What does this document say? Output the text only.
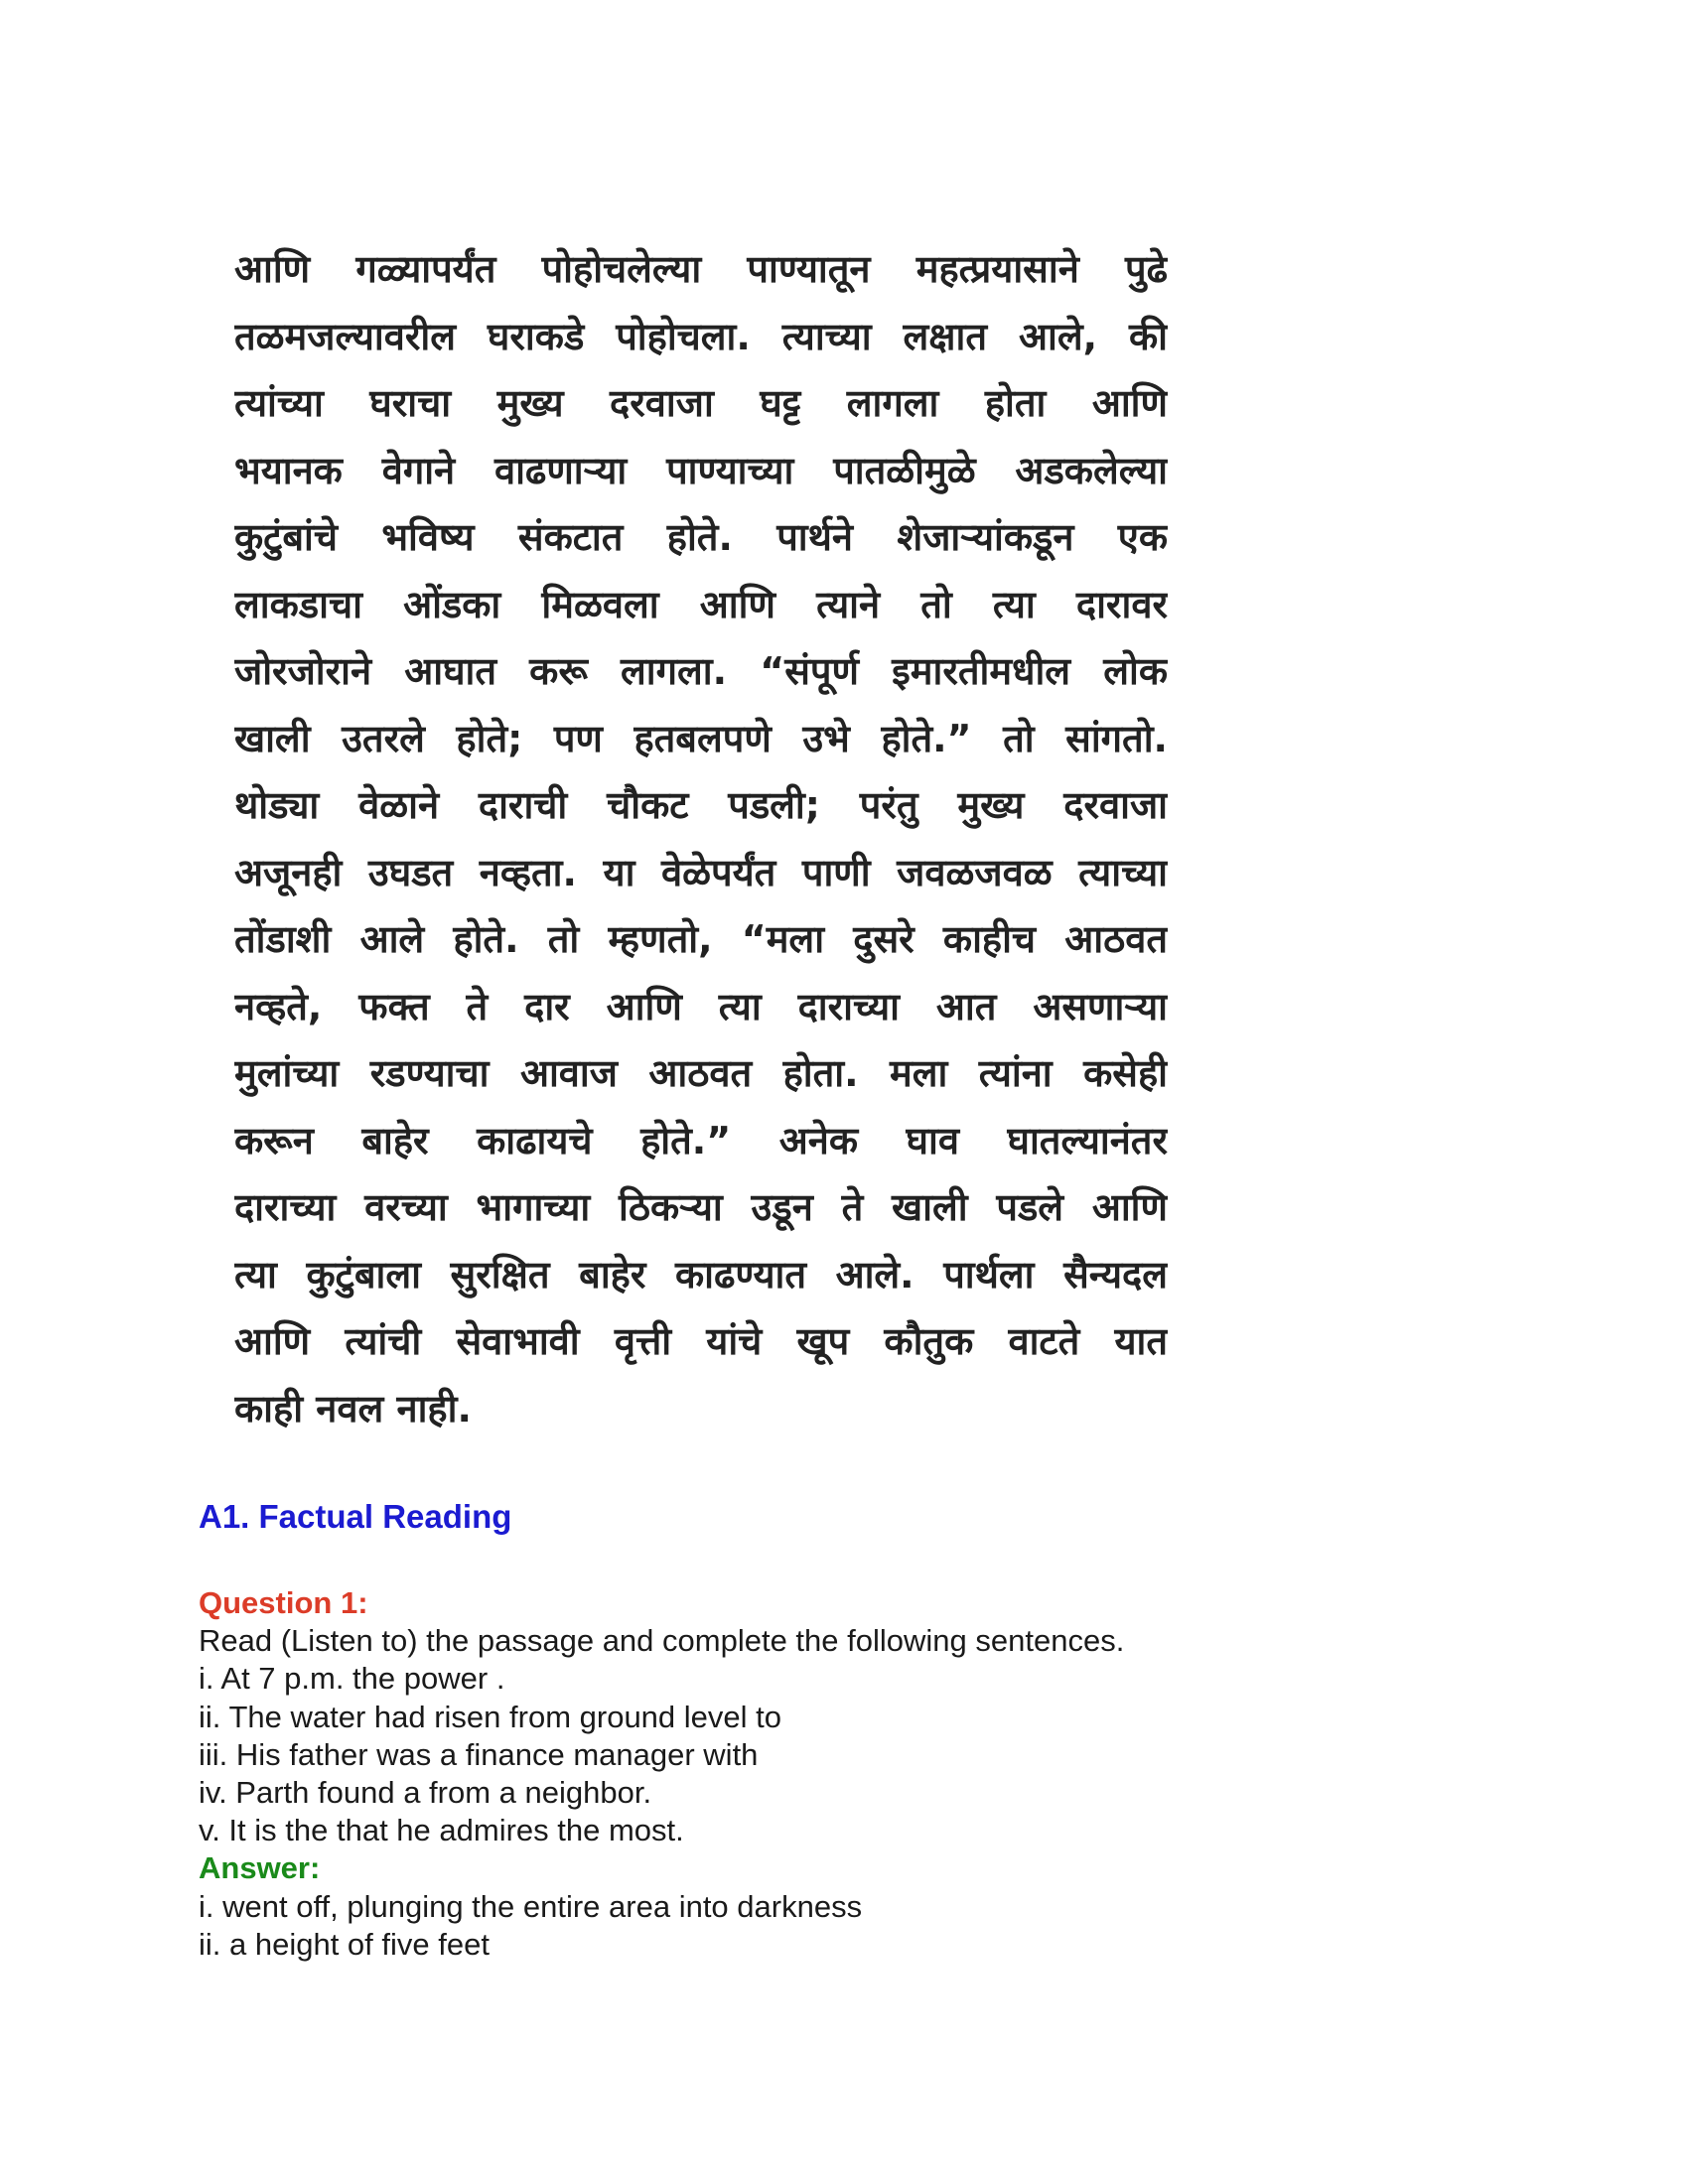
आणि गळ्यापर्यंत पोहोचलेल्या पाण्यातून महत्प्रयासाने पुढे
तळमजल्यावरील घराकडे पोहोचला. त्याच्या लक्षात आले, की
त्यांच्या घराचा मुख्य दरवाजा घट्ट लागला होता आणि
भयानक वेगाने वाढणाऱ्या पाण्याच्या पातळीमुळे अडकलेल्या
कुटुंबांचे भविष्य संकटात होते. पार्थने शेजाऱ्यांकडून एक
लाकडाचा ओंडका मिळवला आणि त्याने तो त्या दारावर
जोरजोराने आघात करू लागला. “संपूर्ण इमारतीमधील लोक
खाली उतरले होते; पण हतबलपणे उभे होते.” तो सांगतो.
थोड्या वेळाने दाराची चौकट पडली; परंतु मुख्य दरवाजा
अजूनही उघडत नव्हता. या वेळेपर्यंत पाणी जवळजवळ त्याच्या
तोंडाशी आले होते. तो म्हणतो, “मला दुसरे काहीच आठवत
नव्हते, फक्त ते दार आणि त्या दाराच्या आत असणाऱ्या
मुलांच्या रडण्याचा आवाज आठवत होता. मला त्यांना कसेही
करून बाहेर काढायचे होते.” अनेक घाव घातल्यानंतर
दाराच्या वरच्या भागाच्या ठिकऱ्या उडून ते खाली पडले आणि
त्या कुटुंबाला सुरक्षित बाहेर काढण्यात आले. पार्थला सैन्यदल
आणि त्यांची सेवाभावी वृत्ती यांचे खूप कौतुक वाटते यात
काही नवल नाही.
A1. Factual Reading

Question 1:

Read (Listen to) the passage and complete the following sentences.

i. At 7 p.m. the power .

ii. The water had risen from ground level to

iii. His father was a finance manager with

iv. Parth found a from a neighbor.

v. It is the that he admires the most.

Answer:

i. went off, plunging the entire area into darkness

ii. a height of five feet
